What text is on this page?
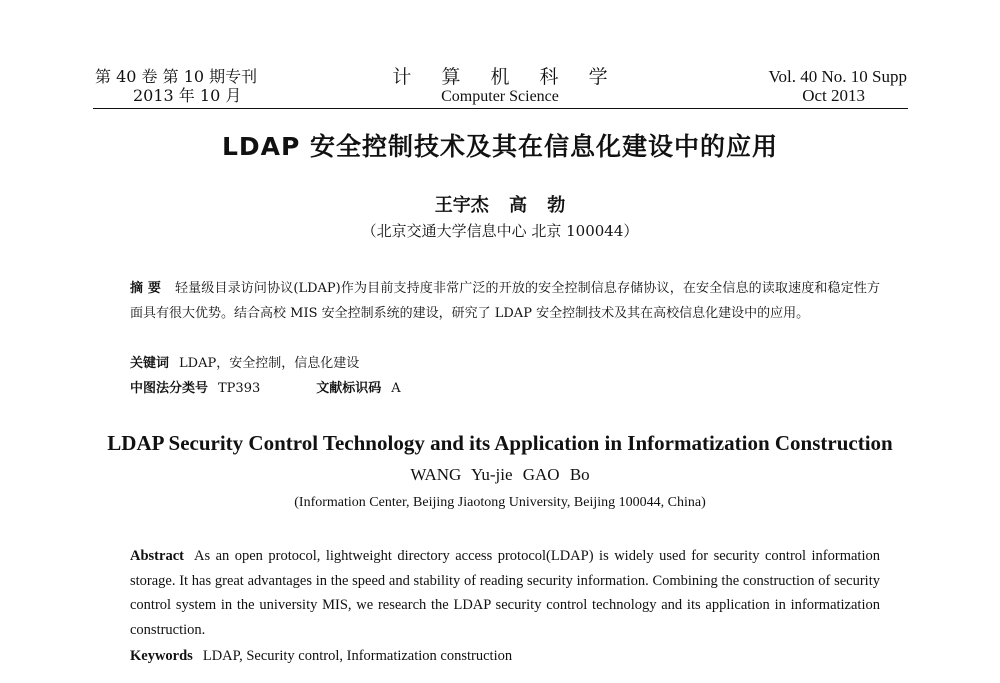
第 40 卷 第 10 期专刊
2013 年 10 月
计 算 机 科 学
Computer Science
Vol. 40 No. 10 Supp
Oct 2013
LDAP 安全控制技术及其在信息化建设中的应用
王宇杰 高 勃
（北京交通大学信息中心 北京 100044）
摘 要 轻量级目录访问协议(LDAP)作为目前支持度非常广泛的开放的安全控制信息存储协议，在安全信息的读取速度和稳定性方面具有很大优势。结合高校 MIS 安全控制系统的建设，研究了 LDAP 安全控制技术及其在高校信息化建设中的应用。
关键词 LDAP，安全控制，信息化建设
中图法分类号 TP393	文献标识码 A
LDAP Security Control Technology and its Application in Informatization Construction
WANG Yu-jie GAO Bo
(Information Center, Beijing Jiaotong University, Beijing 100044, China)
Abstract As an open protocol, lightweight directory access protocol(LDAP) is widely used for security control information storage. It has great advantages in the speed and stability of reading security information. Combining the construction of security control system in the university MIS, we research the LDAP security control technology and its application in informatization construction.
Keywords LDAP, Security control, Informatization construction
